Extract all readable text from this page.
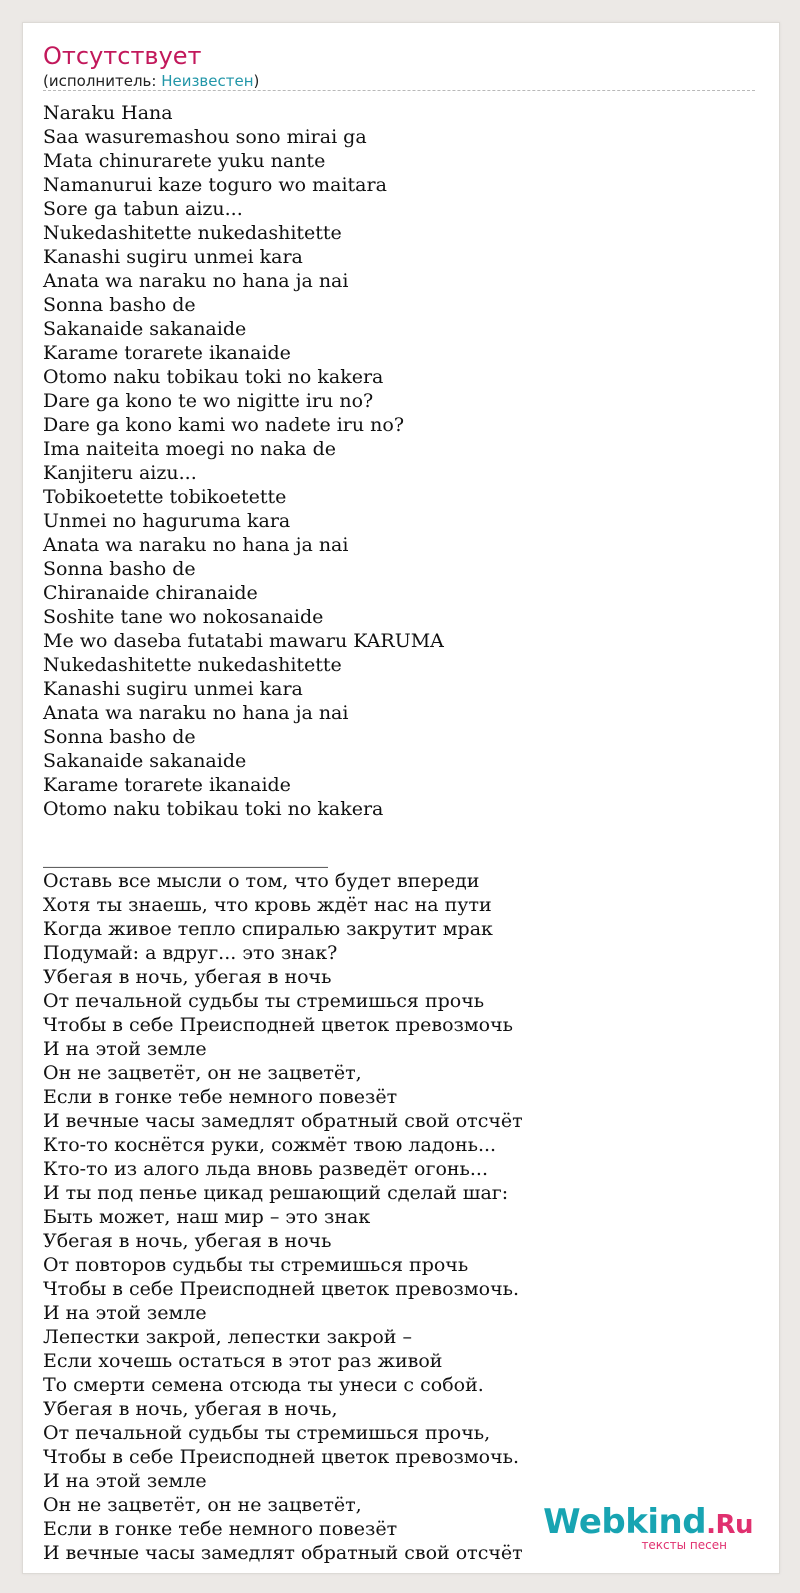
Отсутствует
(исполнитель: Неизвестен)
Naraku Hana
Saa wasuremashou sono mirai ga
Mata chinurarete yuku nante
Namanurui kaze toguro wo maitara
Sore ga tabun aizu...
Nukedashitette nukedashitette
Kanashi sugiru unmei kara
Anata wa naraku no hana ja nai
Sonna basho de
Sakanaide sakanaide
Karame torarete ikanaide
Otomo naku tobikau toki no kakera
Dare ga kono te wo nigitte iru no?
Dare ga kono kami wo nadete iru no?
Ima naiteita moegi no naka de
Kanjiteru aizu...
Tobikoetette tobikoetette
Unmei no haguruma kara
Anata wa naraku no hana ja nai
Sonna basho de
Chiranaide chiranaide
Soshite tane wo nokosanaide
Me wo daseba futatabi mawaru KARUMA
Nukedashitette nukedashitette
Kanashi sugiru unmei kara
Anata wa naraku no hana ja nai
Sonna basho de
Sakanaide sakanaide
Karame torarete ikanaide
Otomo naku tobikau toki no kakera
______________________________
Оставь все мысли о том, что будет впереди
Хотя ты знаешь, что кровь ждёт нас на пути
Когда живое тепло спиралью закрутит мрак
Подумай: а вдруг... это знак?
Убегая в ночь, убегая в ночь
От печальной судьбы ты стремишься прочь
Чтобы в себе Преисподней цветок превозмочь
И на этой земле
Он не зацветёт, он не зацветёт,
Если в гонке тебе немного повезёт
И вечные часы замедлят обратный свой отсчёт
Кто-то коснётся руки, сожмёт твою ладонь...
Кто-то из алого льда вновь разведёт огонь...
И ты под пенье цикад решающий сделай шаг:
Быть может, наш мир – это знак
Убегая в ночь, убегая в ночь
От повторов судьбы ты стремишься прочь
Чтобы в себе Преисподней цветок превозмочь.
И на этой земле
Лепестки закрой, лепестки закрой –
Если хочешь остаться в этот раз живой
То смерти семена отсюда ты унеси с собой.
Убегая в ночь, убегая в ночь,
От печальной судьбы ты стремишься прочь,
Чтобы в себе Преисподней цветок превозмочь.
И на этой земле
Он не зацветёт, он не зацветёт,
Если в гонке тебе немного повезёт
И вечные часы замедлят обратный свой отсчёт
Webkind.Ru
тексты песен
